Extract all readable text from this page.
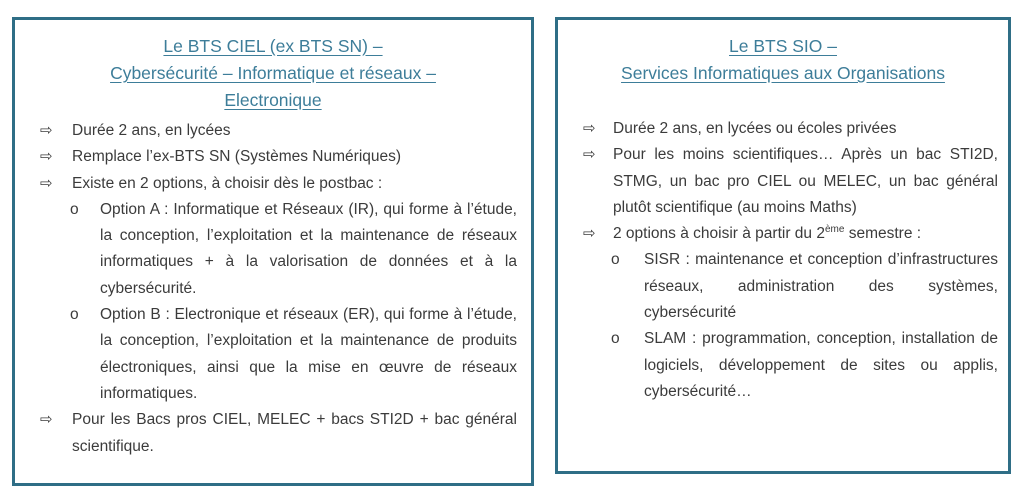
Le BTS CIEL (ex BTS SN) –

Cybersécurité – Informatique et réseaux –

Electronique

⇨ Durée 2 ans, en lycées
⇨ Remplace l’ex-BTS SN (Systèmes Numériques)
⇨ Existe en 2 options, à choisir dès le postbac :
o Option A : Informatique et Réseaux (IR), qui forme à l’étude, la conception, l’exploitation et la maintenance de réseaux informatiques + à la valorisation de données et à la cybersécurité.
o Option B : Electronique et réseaux (ER), qui forme à l’étude, la conception, l’exploitation et la maintenance de produits électroniques, ainsi que la mise en œuvre de réseaux informatiques.
⇨ Pour les Bacs pros CIEL, MELEC + bacs STI2D + bac général scientifique.

Le BTS SIO –

Services Informatiques aux Organisations

⇨ Durée 2 ans, en lycées ou écoles privées
⇨ Pour les moins scientifiques… Après un bac STI2D, STMG, un bac pro CIEL ou MELEC, un bac général plutôt scientifique (au moins Maths)
⇨ 2 options à choisir à partir du 2ème semestre :
o SISR : maintenance et conception d’infrastructures réseaux, administration des systèmes, cybersécurité
o SLAM : programmation, conception, installation de logiciels, développement de sites ou applis, cybersécurité…
